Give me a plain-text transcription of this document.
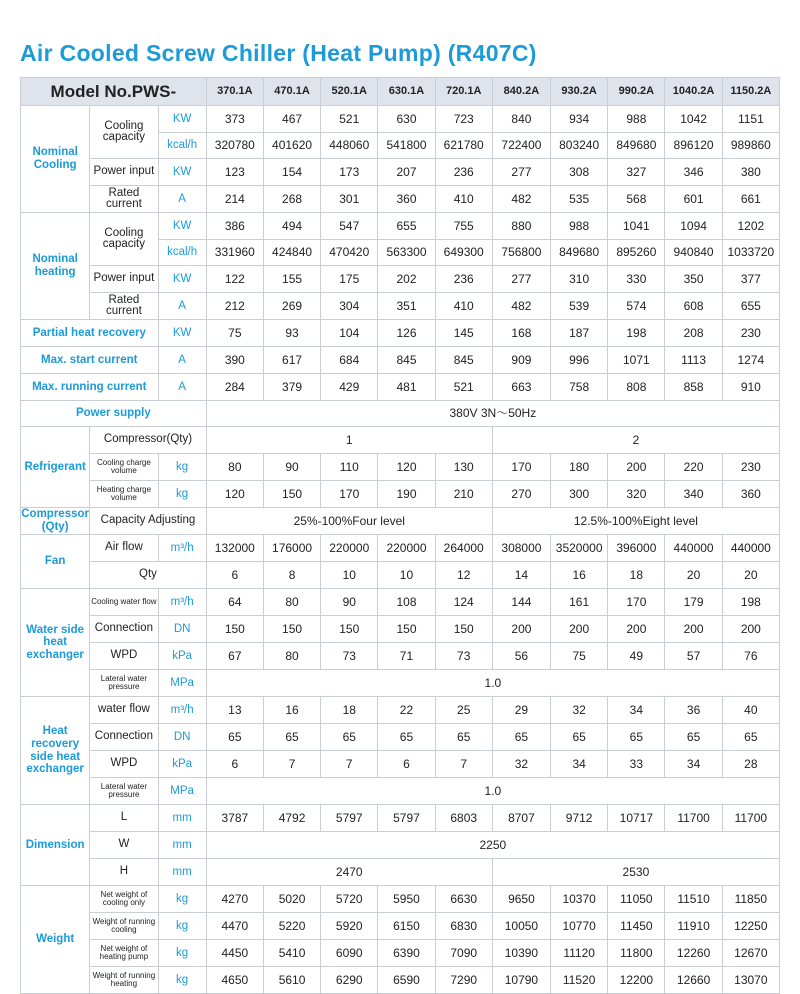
Air Cooled Screw Chiller (Heat Pump) (R407C)
Model No.PWS-			370.1A	470.1A	520.1A	630.1A	720.1A	840.2A	930.2A	990.2A	1040.2A	1150.2A
Nominal Cooling	Cooling capacity	KW	373	467	521	630	723	840	934	988	1042	1151
		kcal/h	320780	401620	448060	541800	621780	722400	803240	849680	896120	989860
	Power input	KW	123	154	173	207	236	277	308	327	346	380
	Rated current	A	214	268	301	360	410	482	535	568	601	661
Nominal heating	Cooling capacity	KW	386	494	547	655	755	880	988	1041	1094	1202
		kcal/h	331960	424840	470420	563300	649300	756800	849680	895260	940840	1033720
	Power input	KW	122	155	175	202	236	277	310	330	350	377
	Rated current	A	212	269	304	351	410	482	539	574	608	655
Partial heat recovery		KW	75	93	104	126	145	168	187	198	208	230
Max. start current		A	390	617	684	845	845	909	996	1071	1113	1274
Max. running current		A	284	379	429	481	521	663	758	808	858	910
Power supply			380V 3N～50Hz									
Refrigerant	Compressor(Qty)		1					2				
	Cooling charge volume	kg	80	90	110	120	130	170	180	200	220	230
	Heating charge volume	kg	120	150	170	190	210	270	300	320	340	360
Compressor (Qty)	Capacity Adjusting		25%-100%Four level					12.5%-100%Eight level				
Fan	Air flow	m³/h	132000	176000	220000	220000	264000	308000	3520000	396000	440000	440000
	Qty		6	8	10	10	12	14	16	18	20	20
Water side heat exchanger	Cooling water flow	m³/h	64	80	90	108	124	144	161	170	179	198
	Connection	DN	150	150	150	150	150	200	200	200	200	200
	WPD	kPa	67	80	73	71	73	56	75	49	57	76
	Lateral water pressure	MPa	1.0									
Heat recovery side heat exchanger	water flow	m³/h	13	16	18	22	25	29	32	34	36	40
	Connection	DN	65	65	65	65	65	65	65	65	65	65
	WPD	kPa	6	7	7	6	7	32	34	33	34	28
	Lateral water pressure	MPa	1.0									
Dimension	L	mm	3787	4792	5797	5797	6803	8707	9712	10717	11700	11700
	W	mm	2250									
	H	mm	2470					2530				
Weight	Net weight of cooling only	kg	4270	5020	5720	5950	6630	9650	10370	11050	11510	11850
	Weight of running cooling	kg	4470	5220	5920	6150	6830	10050	10770	11450	11910	12250
	Net weight of heating pump	kg	4450	5410	6090	6390	7090	10390	11120	11800	12260	12670
	Weight of running heating	kg	4650	5610	6290	6590	7290	10790	11520	12200	12660	13070
